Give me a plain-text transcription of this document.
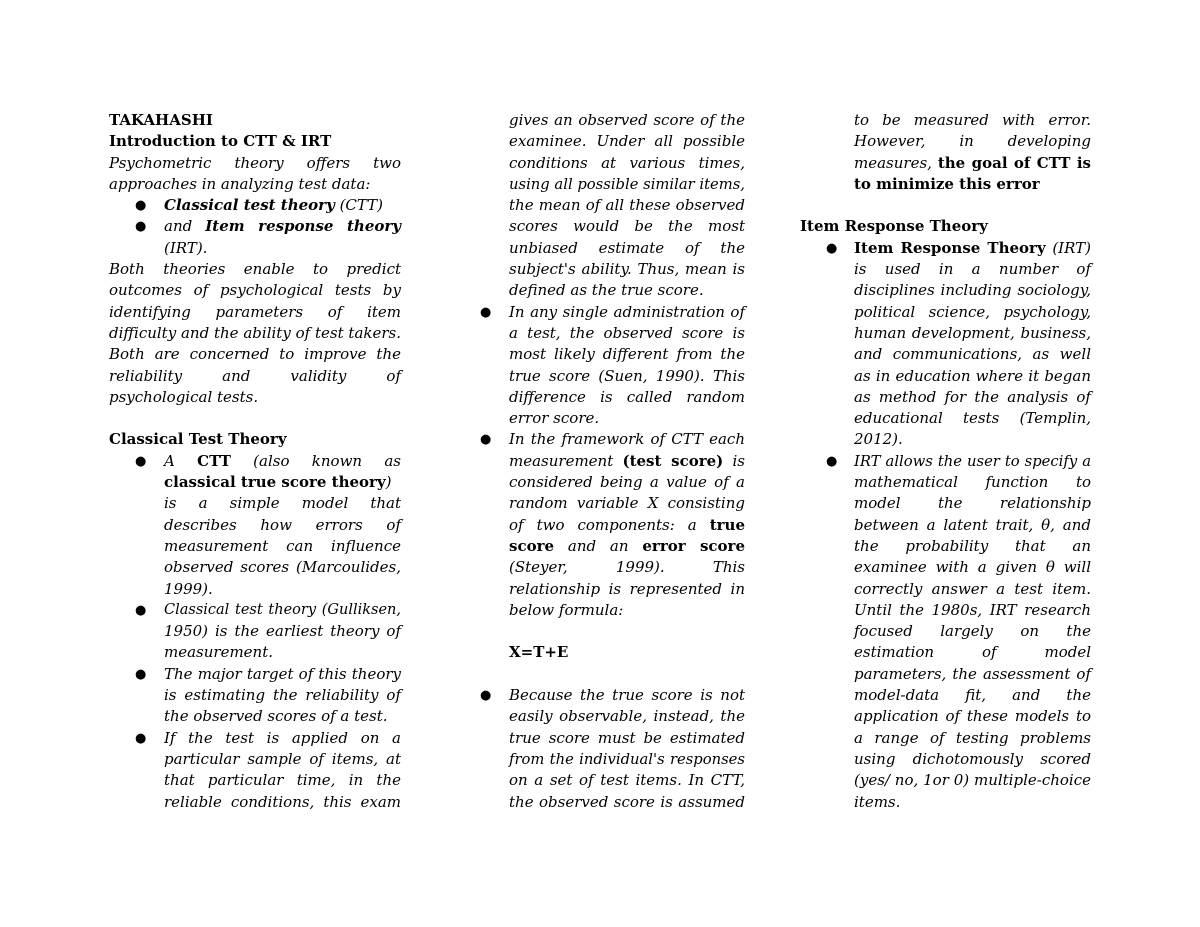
TAKAHASHI
Introduction to CTT & IRT
Psychometric theory offers two
approaches in analyzing test data:
● Classical test theory (CTT)
● and Item response theory
(IRT).
Both theories enable to predict
outcomes of psychological tests by
identifying parameters of item
difficulty and the ability of test takers.
Both are concerned to improve the
reliability and validity of
psychological tests.
Classical Test Theory
● A CTT (also known as
classical true score theory)
is a simple model that
describes how errors of
measurement can influence
observed scores (Marcoulides,
1999).
● Classical test theory (Gulliksen,
1950) is the earliest theory of
measurement.
● The major target of this theory
is estimating the reliability of
the observed scores of a test.
● If the test is applied on a
particular sample of items, at
that particular time, in the
reliable conditions, this exam
gives an observed score of the
examinee. Under all possible
conditions at various times,
using all possible similar items,
the mean of all these observed
scores would be the most
unbiased estimate of the
subject's ability. Thus, mean is
defined as the true score.
● In any single administration of
a test, the observed score is
most likely different from the
true score (Suen, 1990). This
difference is called random
error score.
● In the framework of CTT each
measurement (test score) is
considered being a value of a
random variable X consisting
of two components: a true
score and an error score
(Steyer, 1999). This
relationship is represented in
below formula:
X=T+E
● Because the true score is not
easily observable, instead, the
true score must be estimated
from the individual's responses
on a set of test items. In CTT,
the observed score is assumed
to be measured with error.
However, in developing
measures, the goal of CTT is
to minimize this error
Item Response Theory
● Item Response Theory (IRT)
is used in a number of
disciplines including sociology,
political science, psychology,
human development, business,
and communications, as well
as in education where it began
as method for the analysis of
educational tests (Templin,
2012).
● IRT allows the user to specify a
mathematical function to
model the relationship
between a latent trait, θ, and
the probability that an
examinee with a given θ will
correctly answer a test item.
Until the 1980s, IRT research
focused largely on the
estimation of model
parameters, the assessment of
model-data fit, and the
application of these models to
a range of testing problems
using dichotomously scored
(yes/ no, 1or 0) multiple-choice
items.
